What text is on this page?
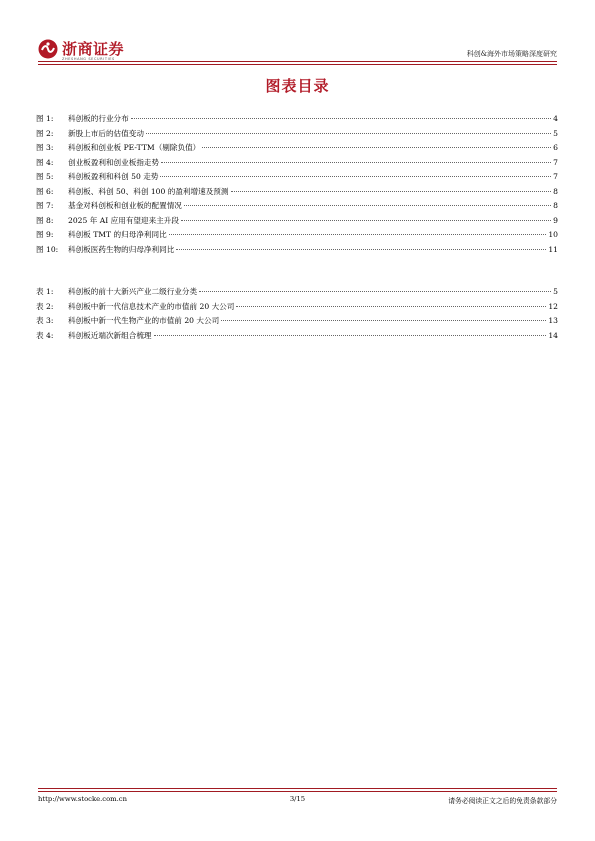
浙商证券
ZHESHANG SECURITIES
科创&海外市场策略深度研究
图表目录
图 1:	科创板的行业分布	4
图 2:	新股上市后的估值变动	5
图 3:	科创板和创业板 PE-TTM（剔除负值）	6
图 4:	创业板盈利和创业板指走势	7
图 5:	科创板盈利和科创 50 走势	7
图 6:	科创板、科创 50、科创 100 的盈利增速及预测	8
图 7:	基金对科创板和创业板的配置情况	8
图 8:	2025 年 AI 应用有望迎来主升段	9
图 9:	科创板 TMT 的归母净利同比	10
图 10:	科创板医药生物的归母净利同比	11
表 1:	科创板的前十大新兴产业二级行业分类	5
表 2:	科创板中新一代信息技术产业的市值前 20 大公司	12
表 3:	科创板中新一代生物产业的市值前 20 大公司	13
表 4:	科创板近端次新组合梳理	14
http://www.stocke.com.cn	3/15	请务必阅读正文之后的免责条款部分
